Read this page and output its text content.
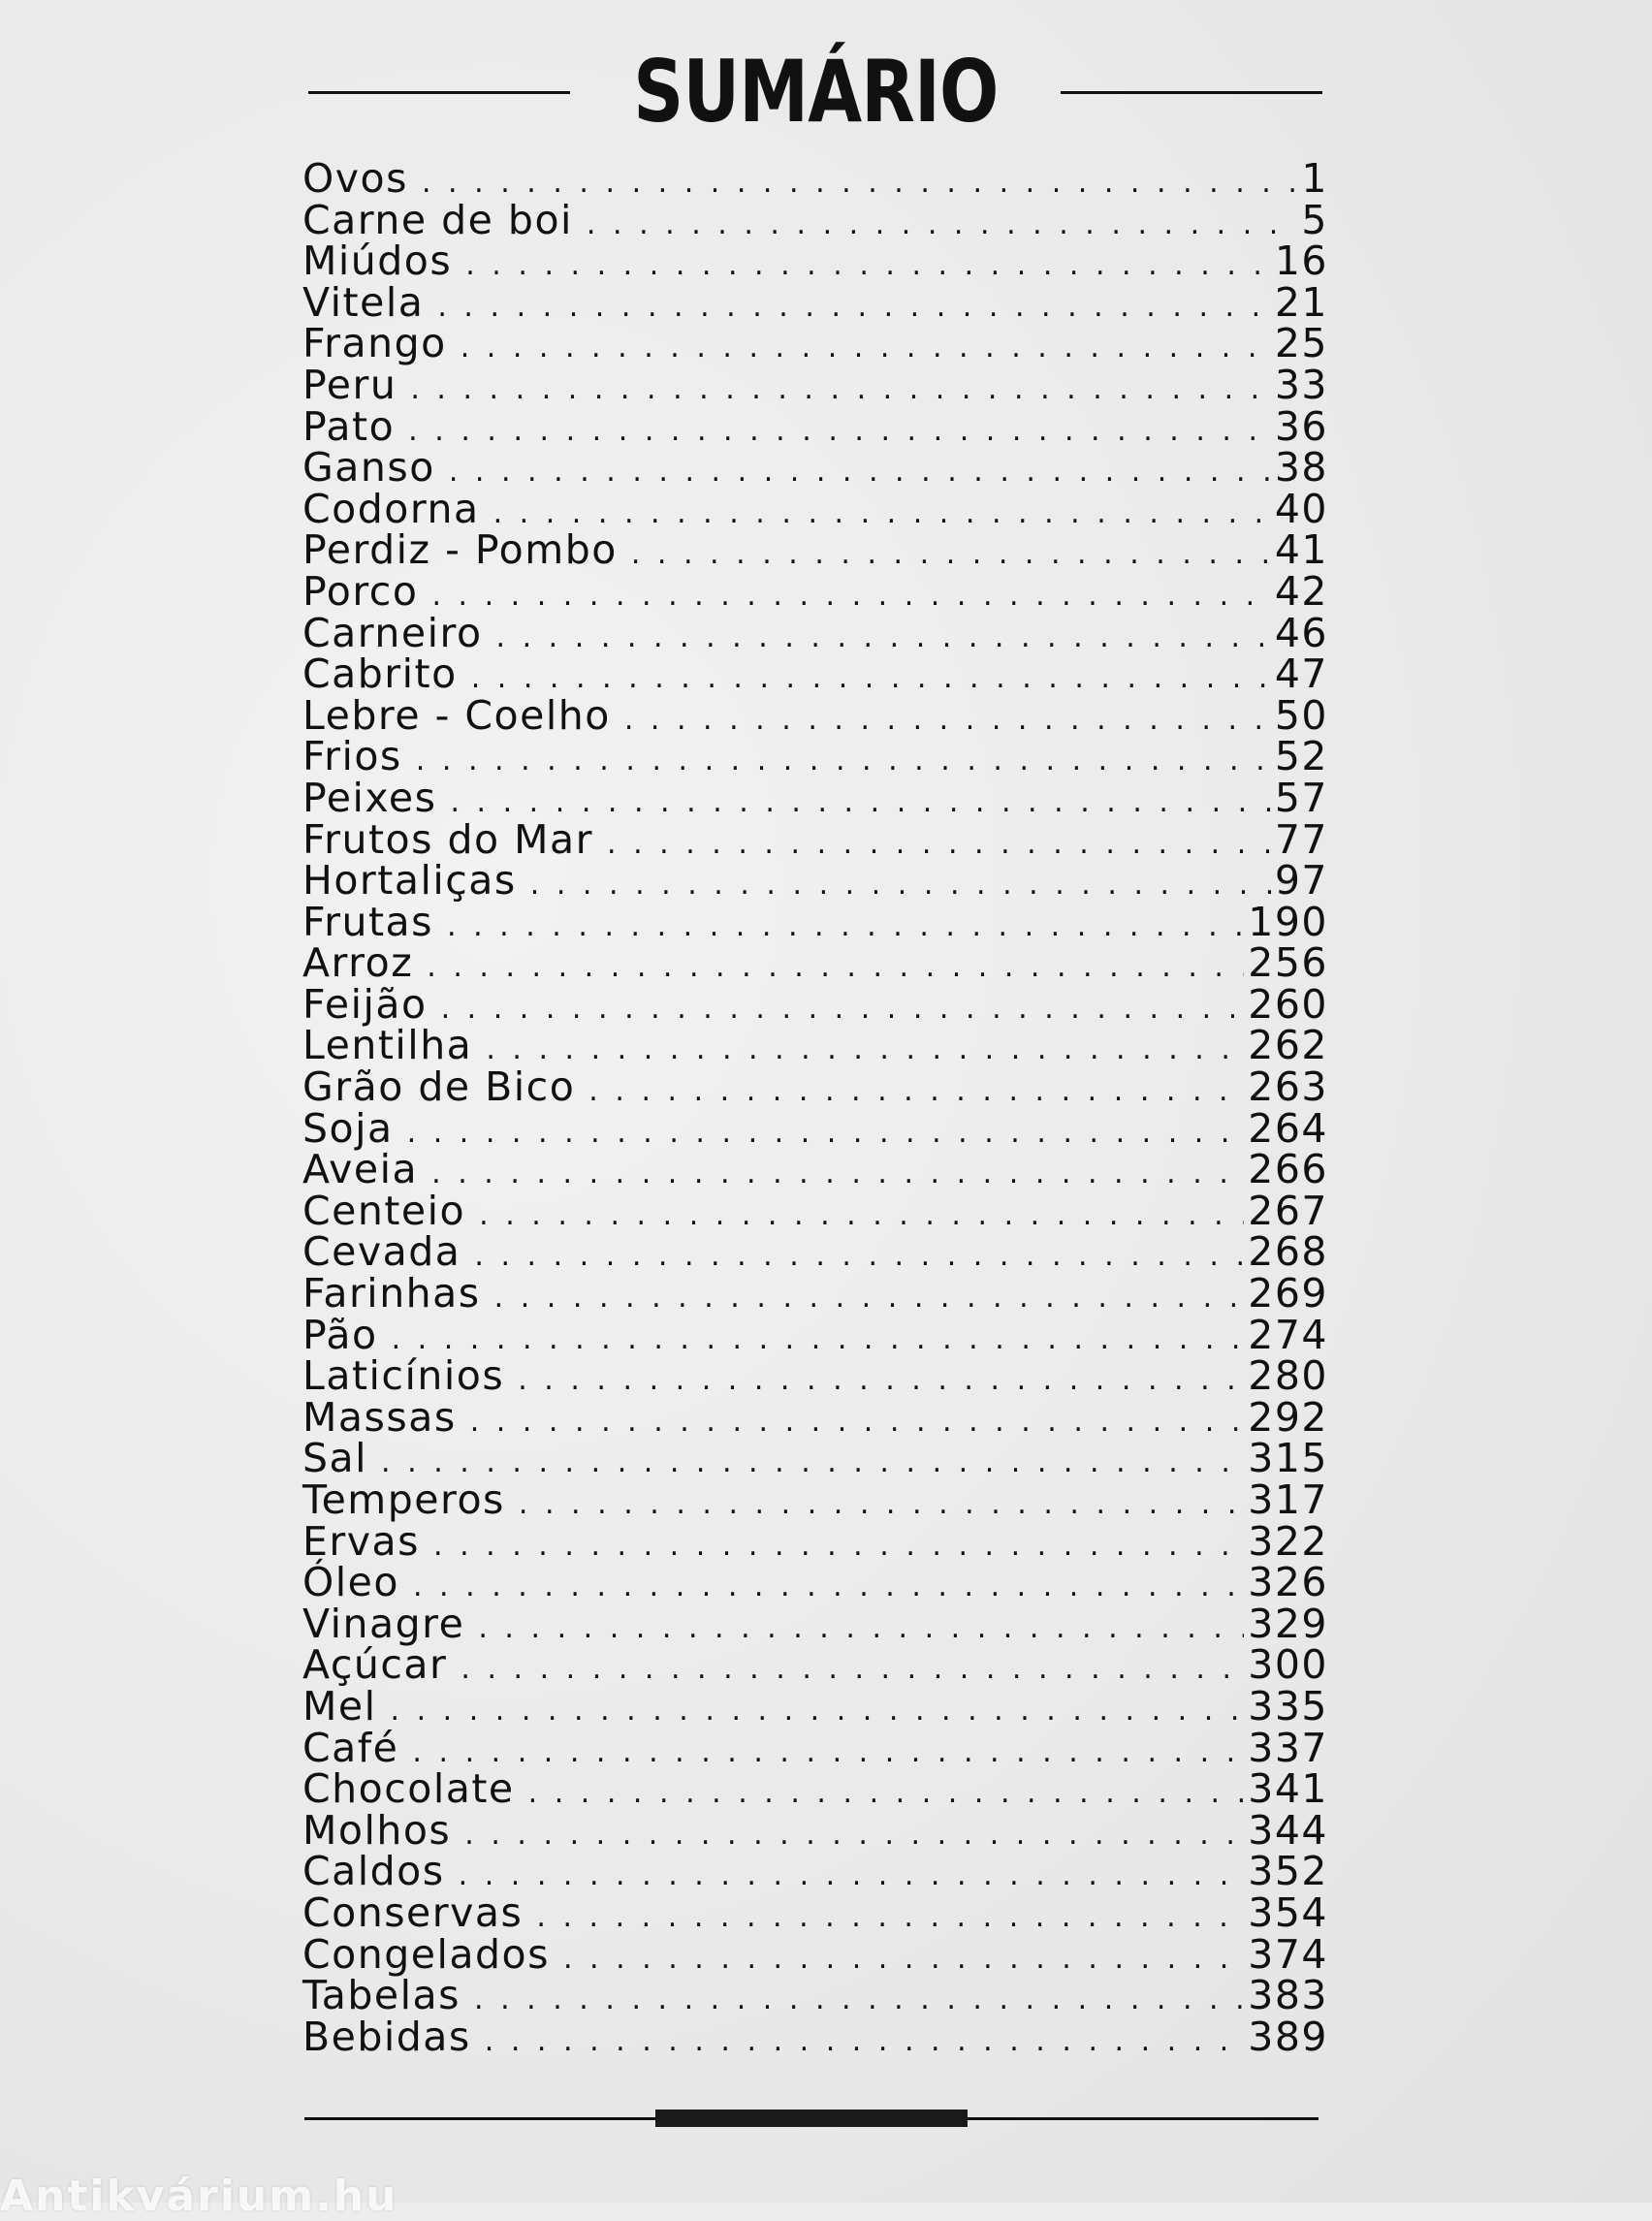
SUMÁRIO
Ovos . . .	1
Carne de boi . . .	5
Miúdos . . .	16
Vitela . . .	21
Frango . . .	25
Peru . . .	33
Pato . . .	36
Ganso . . .	38
Codorna . . .	40
Perdiz - Pombo . . .	41
Porco . . .	42
Carneiro . . .	46
Cabrito . . .	47
Lebre - Coelho . . .	50
Frios . . .	52
Peixes . . .	57
Frutos do Mar . . .	77
Hortaliças . . .	97
Frutas . . .	190
Arroz . . .	256
Feijão . . .	260
Lentilha . . .	262
Grão de Bico . . .	263
Soja . . .	264
Aveia . . .	266
Centeio . . .	267
Cevada . . .	268
Farinhas . . .	269
Pão . . .	274
Laticínios . . .	280
Massas . . .	292
Sal . . .	315
Temperos . . .	317
Ervas . . .	322
Óleo . . .	326
Vinagre . . .	329
Açúcar . . .	300
Mel . . .	335
Café . . .	337
Chocolate . . .	341
Molhos . . .	344
Caldos . . .	352
Conservas . . .	354
Congelados . . .	374
Tabelas . . .	383
Bebidas . . .	389
Antikvárium.hu
